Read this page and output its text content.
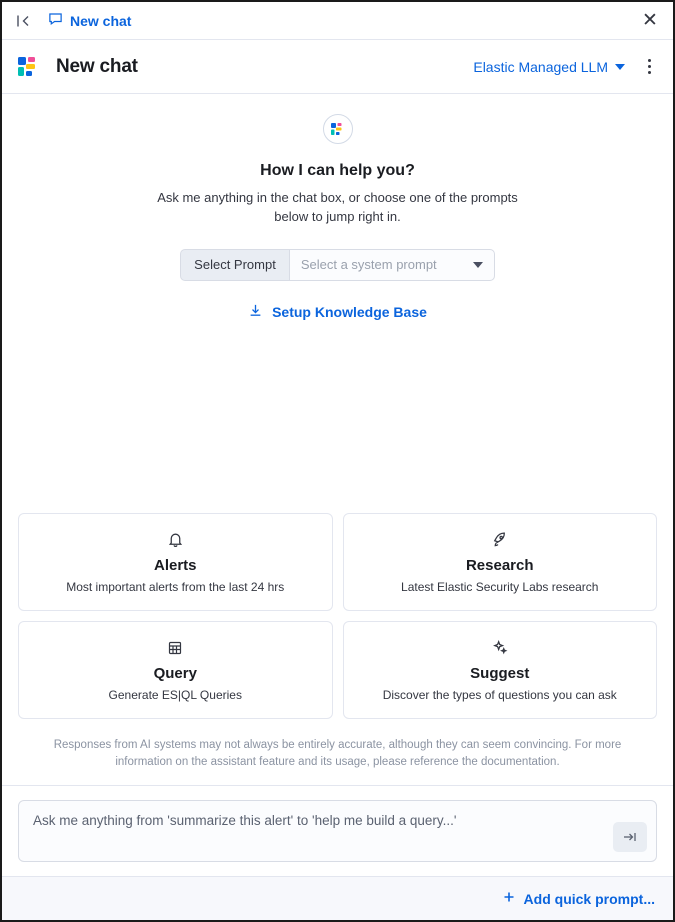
New chat	✕
New chat	Elastic Managed LLM
How I can help you?
Ask me anything in the chat box, or choose one of the prompts below to jump right in.
Select Prompt	Select a system prompt
Setup Knowledge Base
Alerts
Most important alerts from the last 24 hrs
Research
Latest Elastic Security Labs research
Query
Generate ES|QL Queries
Suggest
Discover the types of questions you can ask
Responses from AI systems may not always be entirely accurate, although they can seem convincing. For more information on the assistant feature and its usage, please reference the documentation.
Ask me anything from 'summarize this alert' to 'help me build a query...'
Add quick prompt...
